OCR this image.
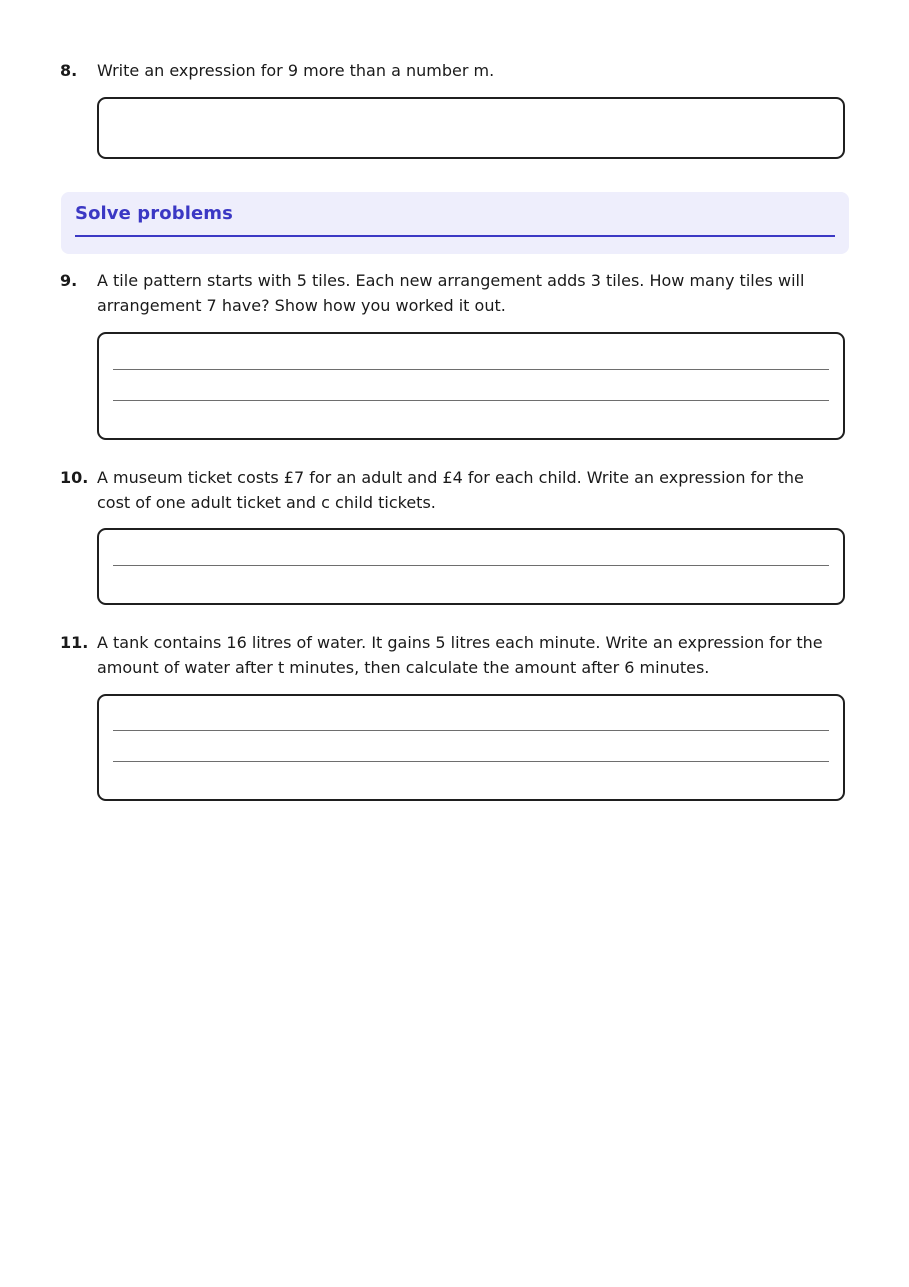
8.	Write an expression for 9 more than a number m.
Solve problems
9.	A tile pattern starts with 5 tiles. Each new arrangement adds 3 tiles. How many tiles will arrangement 7 have? Show how you worked it out.
10. A museum ticket costs £7 for an adult and £4 for each child. Write an expression for the cost of one adult ticket and c child tickets.
11. A tank contains 16 litres of water. It gains 5 litres each minute. Write an expression for the amount of water after t minutes, then calculate the amount after 6 minutes.
